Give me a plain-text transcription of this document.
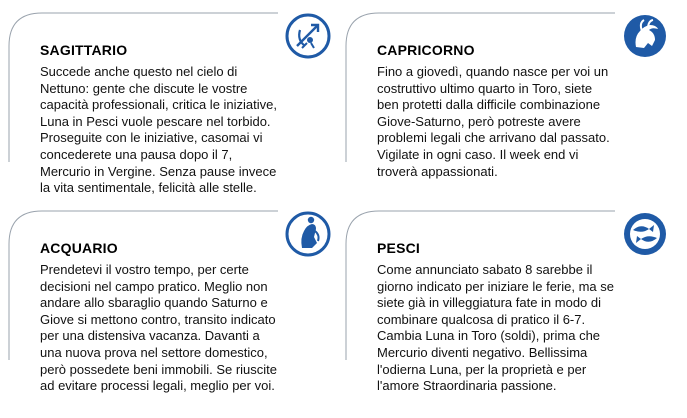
SAGITTARIO
Succede anche questo nel cielo di
Nettuno: gente che discute le vostre
capacità professionali, critica le iniziative,
Luna in Pesci vuole pescare nel torbido.
Proseguite con le iniziative, casomai vi
concederete una pausa dopo il 7,
Mercurio in Vergine. Senza pause invece
la vita sentimentale, felicità alle stelle.
CAPRICORNO
Fino a giovedì, quando nasce per voi un
costruttivo ultimo quarto in Toro, siete
ben protetti dalla difficile combinazione
Giove-Saturno, però potreste avere
problemi legali che arrivano dal passato.
Vigilate in ogni caso. Il week end vi
troverà appassionati.
ACQUARIO
Prendetevi il vostro tempo, per certe
decisioni nel campo pratico. Meglio non
andare allo sbaraglio quando Saturno e
Giove si mettono contro, transito indicato
per una distensiva vacanza. Davanti a
una nuova prova nel settore domestico,
però possedete beni immobili. Se riuscite
ad evitare processi legali, meglio per voi.
PESCI
Come annunciato sabato 8 sarebbe il
giorno indicato per iniziare le ferie, ma se
siete già in villeggiatura fate in modo di
combinare qualcosa di pratico il 6-7.
Cambia Luna in Toro (soldi), prima che
Mercurio diventi negativo. Bellissima
l'odierna Luna, per la proprietà e per
l'amore Straordinaria passione.
